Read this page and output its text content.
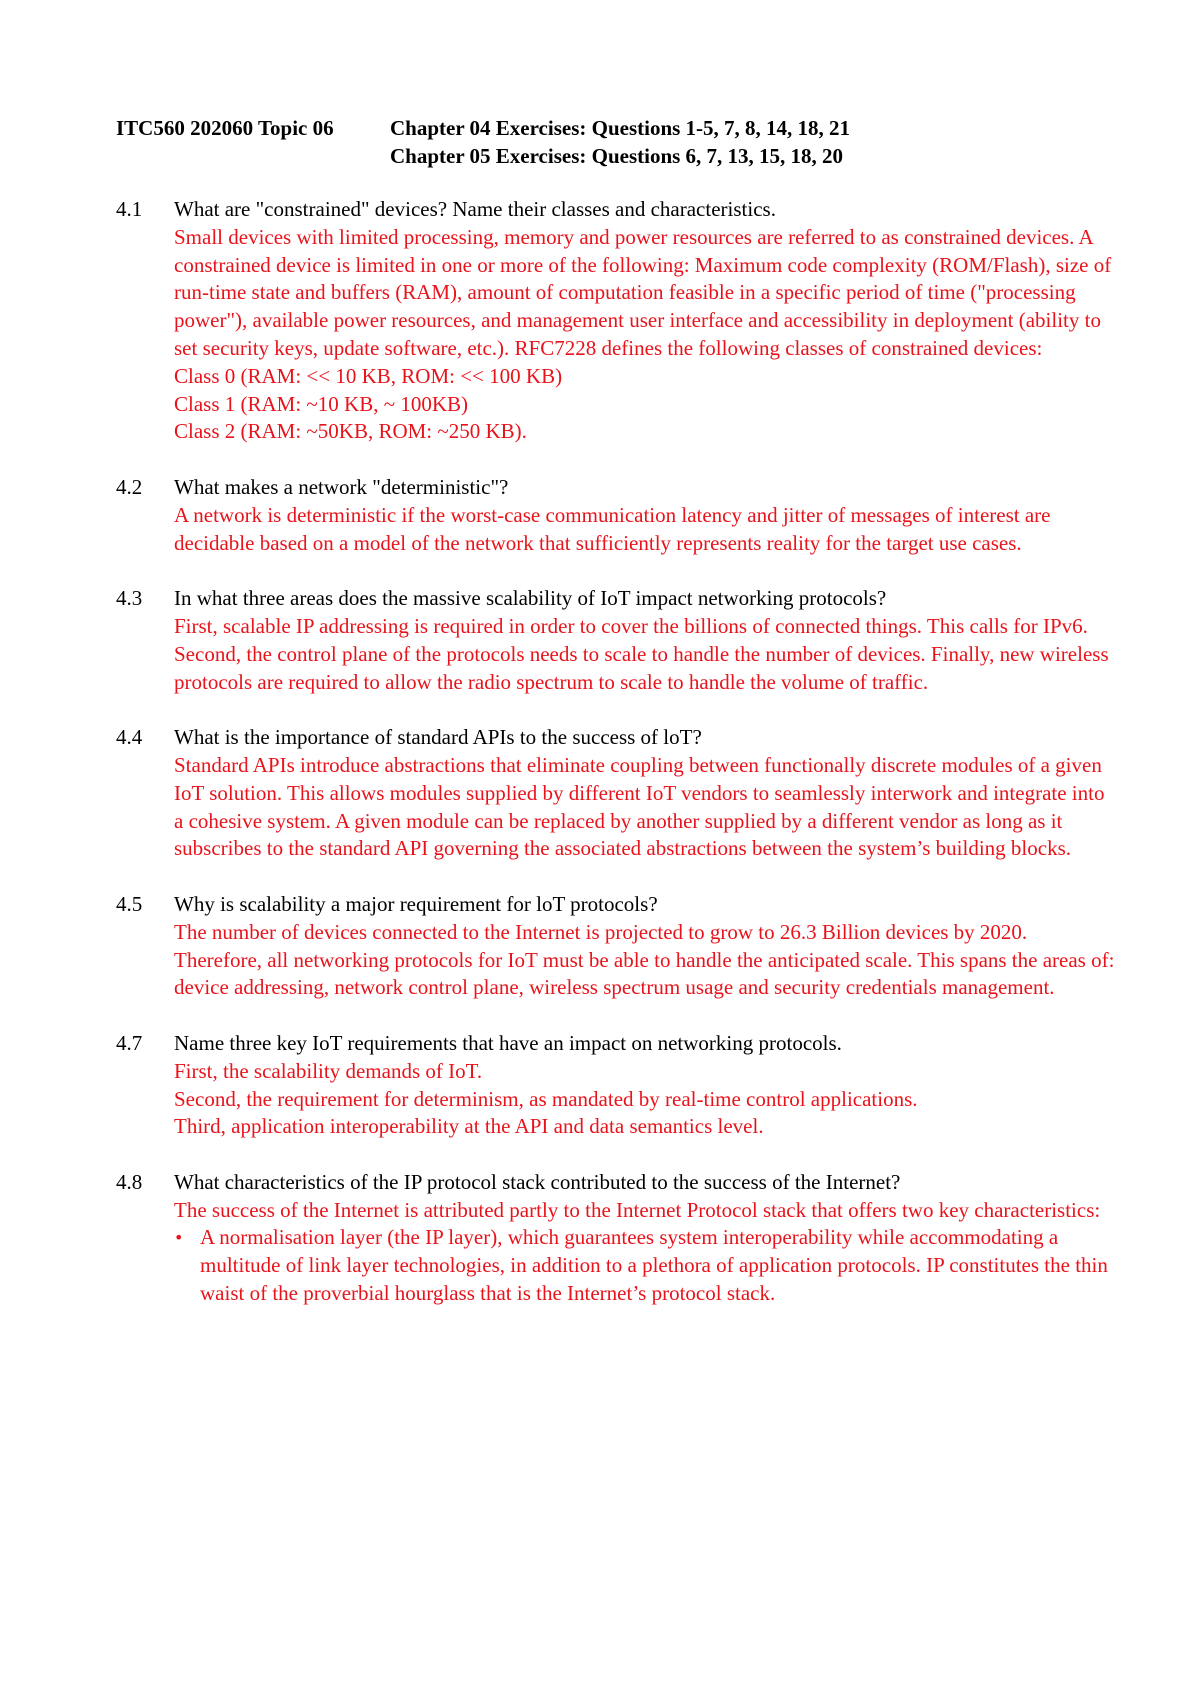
ITC560 202060 Topic 06	Chapter 04 Exercises: Questions 1-5, 7, 8, 14, 18, 21
Chapter 05 Exercises: Questions 6, 7, 13, 15, 18, 20
4.1	What are "constrained" devices? Name their classes and characteristics.

Small devices with limited processing, memory and power resources are referred to as constrained devices. A constrained device is limited in one or more of the following: Maximum code complexity (ROM/Flash), size of run-time state and buffers (RAM), amount of computation feasible in a specific period of time ("processing power"), available power resources, and management user interface and accessibility in deployment (ability to set security keys, update software, etc.). RFC7228 defines the following classes of constrained devices:

Class 0 (RAM: << 10 KB, ROM: << 100 KB)

Class 1 (RAM: ~10 KB, ~ 100KB)

Class 2 (RAM: ~50KB, ROM: ~250 KB).

4.2	What makes a network "deterministic"?

A network is deterministic if the worst-case communication latency and jitter of messages of interest are decidable based on a model of the network that sufficiently represents reality for the target use cases.

4.3	In what three areas does the massive scalability of IoT impact networking protocols?

First, scalable IP addressing is required in order to cover the billions of connected things. This calls for IPv6. Second, the control plane of the protocols needs to scale to handle the number of devices. Finally, new wireless protocols are required to allow the radio spectrum to scale to handle the volume of traffic.

4.4	What is the importance of standard APIs to the success of loT?

Standard APIs introduce abstractions that eliminate coupling between functionally discrete modules of a given IoT solution. This allows modules supplied by different IoT vendors to seamlessly interwork and integrate into a cohesive system. A given module can be replaced by another supplied by a different vendor as long as it subscribes to the standard API governing the associated abstractions between the system’s building blocks.

4.5	Why is scalability a major requirement for loT protocols?

The number of devices connected to the Internet is projected to grow to 26.3 Billion devices by 2020. Therefore, all networking protocols for IoT must be able to handle the anticipated scale. This spans the areas of: device addressing, network control plane, wireless spectrum usage and security credentials management.

4.7	Name three key IoT requirements that have an impact on networking protocols.

First, the scalability demands of IoT.

Second, the requirement for determinism, as mandated by real-time control applications.

Third, application interoperability at the API and data semantics level.

4.8	What characteristics of the IP protocol stack contributed to the success of the Internet?

The success of the Internet is attributed partly to the Internet Protocol stack that offers two key characteristics:

• A normalisation layer (the IP layer), which guarantees system interoperability while accommodating a multitude of link layer technologies, in addition to a plethora of application protocols. IP constitutes the thin waist of the proverbial hourglass that is the Internet’s protocol stack.
